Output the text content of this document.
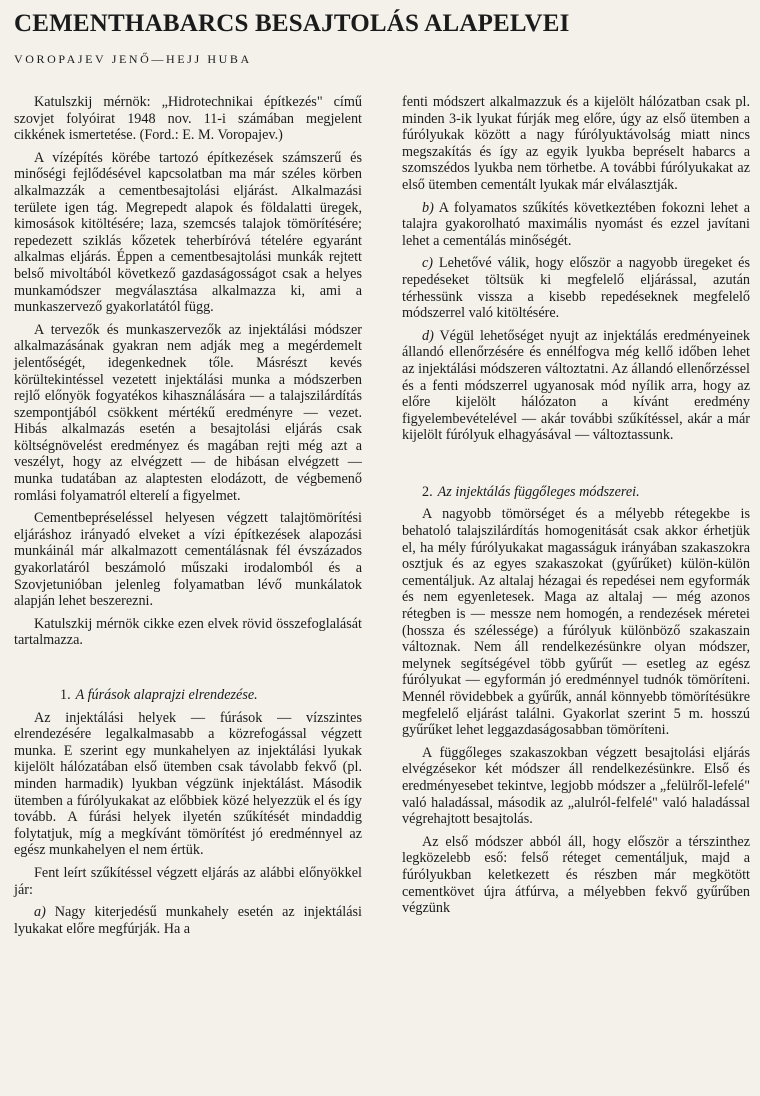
CEMENTHABARCS BESAJTOLÁS ALAPELVEI
VOROPAJEV JENŐ—HEJJ HUBA

Katulszkij mérnök: „Hidrotechnikai építkezés" című szovjet folyóirat 1948 nov. 11-i számában megjelent cikkének ismertetése. (Ford.: E. M. Voropajev.)

A vízépítés körébe tartozó építkezések számszerű és minőségi fejlődésével kapcsolatban ma már széles körben alkalmazzák a cementbesajtolási eljárást. Alkalmazási területe igen tág. Megrepedt alapok és földalatti üregek, kimosások kitöltésére; laza, szemcsés talajok tömörítésére; repedezett sziklás kőzetek teherbíróvá tételére egyaránt alkalmas eljárás. Éppen a cementbesajtolási munkák rejtett belső mivoltából következő gazdaságosságot csak a helyes munkamódszer megválasztása alkalmazza ki, ami a munkaszervező gyakorlatától függ.

A tervezők és munkaszervezők az injektálási módszer alkalmazásának gyakran nem adják meg a megérdemelt jelentőségét, idegenkednek tőle. Másrészt kevés körültekintéssel vezetett injektálási munka a módszerben rejlő előnyök fogyatékos kihasználására — a talajszilárdítás szempontjából csökkent mértékű eredményre — vezet. Hibás alkalmazás esetén a besajtolási eljárás csak költségnövelést eredményez és magában rejti még azt a veszélyt, hogy az elvégzett — de hibásan elvégzett — munka tudatában az alaptesten elodázott, de végbemenő romlási folyamatról elterelí a figyelmet.

Cementbepréseléssel helyesen végzett talajtömörítési eljáráshoz irányadó elveket a vízi építkezések alapozási munkáinál már alkalmazott cementálásnak fél évszázados gyakorlatáról beszámoló műszaki irodalomból és a Szovjetunióban jelenleg folyamatban lévő munkálatok alapján lehet beszerezni.

Katulszkij mérnök cikke ezen elvek rövid összefoglalását tartalmazza.

1. A fúrások alaprajzi elrendezése.

Az injektálási helyek — fúrások — vízszintes elrendezésére legalkalmasabb a közrefogással végzett munka. E szerint egy munkahelyen az injektálási lyukak kijelölt hálózatában első ütemben csak távolabb fekvő (pl. minden harmadik) lyukban végzünk injektálást. Második ütemben a fúrólyukakat az előbbiek közé helyezzük el és így tovább. A fúrási helyek ilyetén szűkítését mindaddig folytatjuk, míg a megkívánt tömörítést jó eredménnyel az egész munkahelyen el nem értük.

Fent leírt szűkítéssel végzett eljárás az alábbi előnyökkel jár:

a) Nagy kiterjedésű munkahely esetén az injektálási lyukakat előre megfúrják. Ha a

fenti módszert alkalmazzuk és a kijelölt hálózatban csak pl. minden 3-ik lyukat fúrják meg előre, úgy az első ütemben a fúrólyukak között a nagy fúrólyuktávolság miatt nincs megszakítás és így az egyik lyukba bepréselt habarcs a szomszédos lyukba nem törhetbe. A további fúrólyukakat az első ütemben cementált lyukak már elválasztják.

b) A folyamatos szűkítés következtében fokozni lehet a talajra gyakorolható maximális nyomást és ezzel javítani lehet a cementálás minőségét.

c) Lehetővé válik, hogy először a nagyobb üregeket és repedéseket töltsük ki megfelelő eljárással, azután térhessünk vissza a kisebb repedéseknek megfelelő módszerrel való kitöltésére.

d) Végül lehetőséget nyujt az injektálás eredményeinek állandó ellenőrzésére és ennélfogva még kellő időben lehet az injektálási módszeren változtatni. Az állandó ellenőrzéssel és a fenti módszerrel ugyanosak mód nyílik arra, hogy az előre kijelölt hálózaton a kívánt eredmény figyelembevételével — akár további szűkítéssel, akár a már kijelölt fúrólyuk elhagyásával — változtassunk.

2. Az injektálás függőleges módszerei.

A nagyobb tömörséget és a mélyebb rétegekbe is behatoló talajszilárdítás homogenitását csak akkor érhetjük el, ha mély fúrólyukakat magasságuk irányában szakaszokra osztjuk és az egyes szakaszokat (gyűrűket) külön-külön cementáljuk. Az altalaj hézagai és repedései nem egyformák és nem egyenletesek. Maga az altalaj — még azonos rétegben is — messze nem homogén, a rendezések méretei (hossza és szélessége) a fúrólyuk különböző szakaszain változnak. Nem áll rendelkezésünkre olyan módszer, melynek segítségével több gyűrűt — esetleg az egész fúrólyukat — egyformán jó eredménnyel tudnók tömöríteni. Mennél rövidebbek a gyűrűk, annál könnyebb tömörítésükre megfelelő eljárást találni. Gyakorlat szerint 5 m. hosszú gyűrűket lehet leggazdaságosabban tömöríteni.

A függőleges szakaszokban végzett besajtolási eljárás elvégzésekor két módszer áll rendelkezésünkre. Első és eredményesebet tekintve, legjobb módszer a „felülről-lefelé" való haladással, második az „alulról-felfelé" való haladással végrehajtott besajtolás.

Az első módszer abból áll, hogy először a térszinthez legközelebb eső: felső réteget cementáljuk, majd a fúrólyukban keletkezett és részben már megkötött cementkövet újra átfúrva, a mélyebben fekvő gyűrűben végzünk
